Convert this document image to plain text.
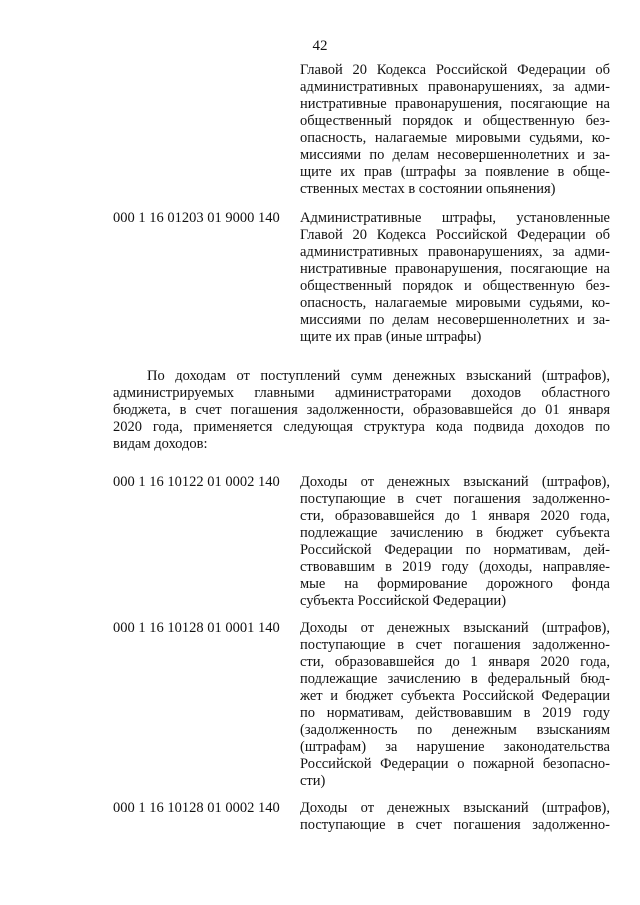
42
Главой 20 Кодекса Российской Федерации об
административных правонарушениях, за адми-
нистративные правонарушения, посягающие на
общественный порядок и общественную без-
опасность, налагаемые мировыми судьями, ко-
миссиями по делам несовершеннолетних и за-
щите их прав (штрафы за появление в обще-
ственных местах в состоянии опьянения)
000 1 16 01203 01 9000 140	Административные штрафы, установленные
Главой 20 Кодекса Российской Федерации об
административных правонарушениях, за адми-
нистративные правонарушения, посягающие на
общественный порядок и общественную без-
опасность, налагаемые мировыми судьями, ко-
миссиями по делам несовершеннолетних и за-
щите их прав (иные штрафы)
По доходам от поступлений сумм денежных взысканий (штрафов),
администрируемых главными администраторами доходов областного
бюджета, в счет погашения задолженности, образовавшейся до 01 января
2020 года, применяется следующая структура кода подвида доходов по
видам доходов:
000 1 16 10122 01 0002 140	Доходы от денежных взысканий (штрафов),
поступающие в счет погашения задолженно-
сти, образовавшейся до 1 января 2020 года,
подлежащие зачислению в бюджет субъекта
Российской Федерации по нормативам, дей-
ствовавшим в 2019 году (доходы, направляе-
мые на формирование дорожного фонда
субъекта Российской Федерации)
000 1 16 10128 01 0001 140	Доходы от денежных взысканий (штрафов),
поступающие в счет погашения задолженно-
сти, образовавшейся до 1 января 2020 года,
подлежащие зачислению в федеральный бюд-
жет и бюджет субъекта Российской Федерации
по нормативам, действовавшим в 2019 году
(задолженность по денежным взысканиям
(штрафам) за нарушение законодательства
Российской Федерации о пожарной безопасно-
сти)
000 1 16 10128 01 0002 140	Доходы от денежных взысканий (штрафов),
поступающие в счет погашения задолженно-
